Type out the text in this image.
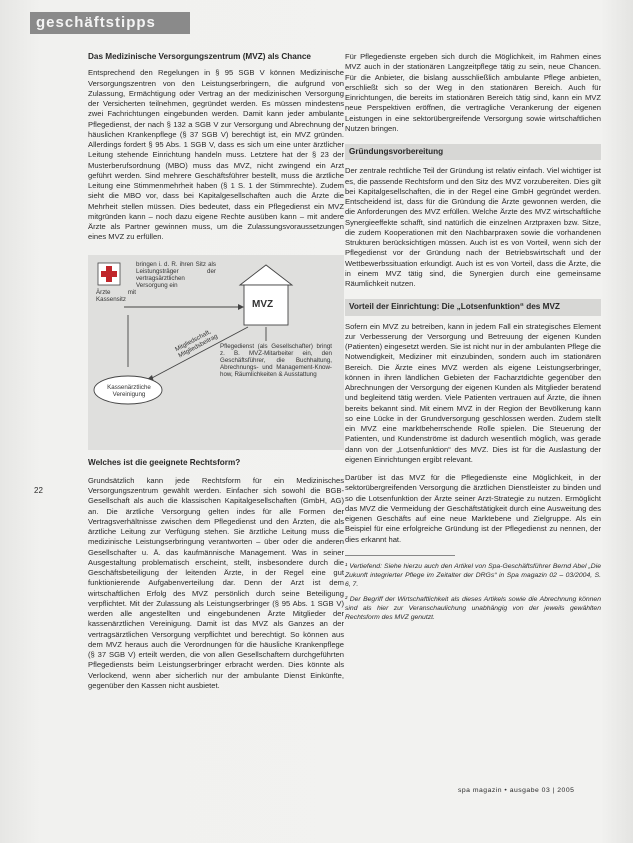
geschäftstipps
22

Das Medizinische Versorgungszentrum (MVZ) als Chance

Entsprechend den Regelungen in § 95 SGB V können Medizinische Versorgungszentren von den Leistungserbringern, die aufgrund von Zulassung, Ermächtigung oder Vertrag an der medizinischen Versorgung der Versicherten teilnehmen, gegründet werden. Es müssen mindestens zwei Fachrichtungen eingebunden werden. Damit kann jeder ambulante Pflegedienst, der nach § 132 a SGB V zur Versorgung und Abrechnung der häuslichen Krankenpflege (§ 37 SGB V) berechtigt ist, ein MVZ gründen. Allerdings fordert § 95 Abs. 1 SGB V, dass es sich um eine unter ärztlicher Leitung stehende Einrichtung handeln muss. Letztere hat der § 23 der Musterberufsordnung (MBO) muss das MVZ, nicht zwingend ein Arzt geführt werden. Sind mehrere Geschäftsführer bestellt, muss die ärztliche Leitung eine Stimmenmehrheit haben (§ 1 S. 1 der Stimmrechte). Zudem sieht die MBO vor, dass bei Kapitalgesellschaften auch die Ärzte die Mehrheit stellen müssen. Dies bedeutet, dass ein Pflegedienst ein MVZ mitgründen kann – noch dazu eigene Rechte ausüben kann – mit andere Ärzte als Partner gewinnen muss, um die Zulassungsvoraussetzungen eines MVZ zu erfüllen.

Ärzte mit Kassensitz
bringen i. d. R. ihren Sitz als Leistungsträger der vertragsärztlichen Versorgung ein
MVZ
Mitgliedschaft, Mitgliedsbeitrag
Kassenärztliche Vereinigung
Pflegedienst (als Gesellschafter) bringt z. B. MVZ-Mitarbeiter ein, den Geschäftsführer, die Buchhaltung, Abrechnungs- und Management-Know-how, Räumlichkeiten & Ausstattung

Welches ist die geeignete Rechtsform?

Grundsätzlich kann jede Rechtsform für ein Medizinisches Versorgungszentrum gewählt werden. Einfacher sich sowohl die BGB-Gesellschaft als auch die klassischen Kapitalgesellschaften (GmbH, AG) an. Die ärztliche Versorgung gelten indes für alle Formen der Vertragsverhältnisse zwischen dem Pflegedienst und den Ärzten, die als ärztliche Leitung zur Verfügung stehen. Sie ärztliche Leitung muss die medizinische Leistungserbringung verantworten – über oder die anderen Gesellschafter u. Ä. das kaufmännische Management. Was in seiner Ausgestaltung problematisch erscheint, stellt, insbesondere durch die Geschäftsbeteiligung der leitenden Ärzte, in der Regel eine gut funktionierende Aufgabenverteilung dar. Denn der Arzt ist dem wirtschaftlichen Erfolg des MVZ persönlich durch seine Beteiligung verpflichtet. Mit der Zulassung als Leistungserbringer (§ 95 Abs. 1 SGB V) werden alle angestellten und eingebundenen Ärzte Mitglieder der kassenärztlichen Vereinigung. Damit ist das MVZ als Ganzes an der vertragsärztlichen Versorgung verpflichtet und berechtigt. So können aus dem MVZ heraus auch die Verordnungen für die häusliche Krankenpflege (§ 37 SGB V) erteilt werden, die von allen Gesellschaftern durchgeführten Pflegediensts beim Leistungserbringer erbracht werden. Dies könnte als Verlockend, wenn aber sicherlich nur der ambulante Dienst Einkünfte, gegenüber den Kassen nicht ausbietet.

Für Pflegedienste ergeben sich durch die Möglichkeit, im Rahmen eines MVZ auch in der stationären Langzeitpflege tätig zu sein, neue Chancen. Für die Anbieter, die bislang ausschließlich ambulante Pflege anbieten, erschließt sich so der Weg in den stationären Bereich. Auch für Einrichtungen, die bereits im stationären Bereich tätig sind, kann ein MVZ neue Perspektiven eröffnen, die vertragliche Verankerung der eigenen Leistungen in eine sektorübergreifende Versorgung sowie wirtschaftlichen Nutzen bringen.

Gründungsvorbereitung

Der zentrale rechtliche Teil der Gründung ist relativ einfach. Viel wichtiger ist es, die passende Rechtsform und den Sitz des MVZ vorzubereiten. Dies gilt bei Kapitalgesellschaften, die in der Regel eine GmbH gegründet werden. Entscheidend ist, dass für die Gründung die Ärzte gewonnen werden, die die Anforderungen des MVZ erfüllen. Welche Ärzte des MVZ wirtschaftliche Synergieeffekte schafft, sind natürlich die einzelnen Arztpraxen bzw. Sitze, die zudem Kooperationen mit den Nachbarpraxen sowie die vorhandenen Strukturen berücksichtigen müssen. Auch ist es von Vorteil, wenn sich der Pflegedienst vor der Gründung nach der Betriebswirtschaft und der Wettbewerbssituation erkundigt. Auch ist es von Vorteil, dass die Ärzte, die in einem MVZ tätig sind, die Synergien durch eine gemeinsame Räumlichkeit nutzen.

Vorteil der Einrichtung: Die „Lotsenfunktion“ des MVZ

Sofern ein MVZ zu betreiben, kann in jedem Fall ein strategisches Element zur Verbesserung der Versorgung und Betreuung der eigenen Kunden (Patienten) eingesetzt werden. Sie ist nicht nur in der ambulanten Pflege die Notwendigkeit, Mediziner mit einzubinden, sondern auch im stationären Bereich. Die Ärzte eines MVZ werden als eigene Leistungserbringer, können in ihren ländlichen Gebieten der Facharztdichte gegenüber den Abrechnungen der Versorgung der eigenen Kunden als Mitglieder beratend und begleitend tätig werden. Viele Patienten vertrauen auf Ärzte, die ihnen bereits bekannt sind. Mit einem MVZ in der Region der Bevölkerung kann so eine Lücke in der Grundversorgung geschlossen werden. Zudem stellt ein MVZ eine marktbeherrschende Rolle spielen. Die Steuerung der Patienten, und Kundenströme ist dadurch wesentlich möglich, was gerade dann von der „Lotsenfunktion“ des MVZ. Dies ist für die Auslastung der eigenen Einrichtungen ergibt relevant.

Darüber ist das MVZ für die Pflegedienste eine Möglichkeit, in der sektorübergreifenden Versorgung die ärztlichen Dienstleister zu binden und so die Lotsenfunktion der Ärzte seiner Arzt-Strategie zu nutzen. Ermöglicht das MVZ die Vermeidung der Geschäftstätigkeit durch eine Ausweitung des eigenen Geschäfts auf eine neue Marktebene und Zielgruppe. Als ein Beispiel für eine erfolgreiche Gründung ist der Pflegedienst zu nennen, der dies erkannt hat.

¹ Vertiefend: Siehe hierzu auch den Artikel von Spa-Geschäftsführer Bernd Abel „Die Zukunft integrierter Pflege im Zeitalter der DRGs“ in Spa magazin 02 – 03/2004, S. 6, 7.

² Der Begriff der Wirtschaftlichkeit als dieses Artikels sowie die Abrechnung können sind als hier zur Veranschaulichung unabhängig von der jeweils gewählten Rechtsform des MVZ genutzt.

spa magazin • ausgabe 03 | 2005
